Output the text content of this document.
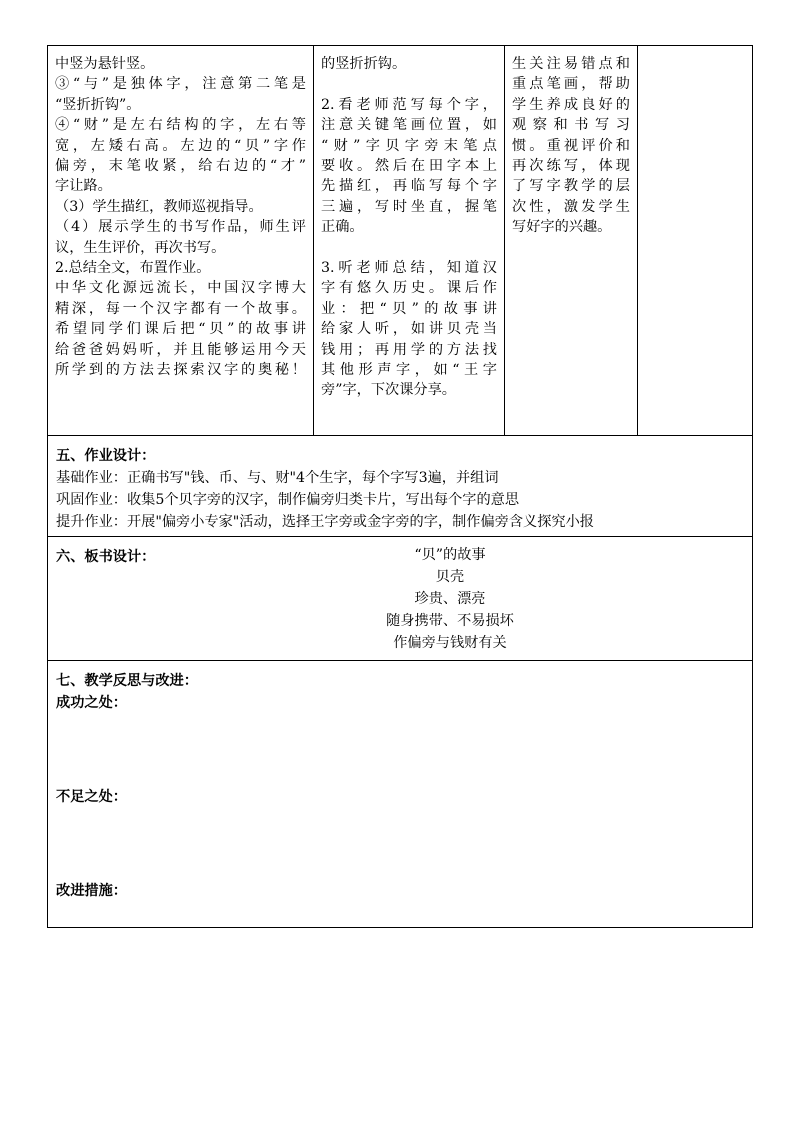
中竖为悬针竖。
③“与”是独体字，注意第二笔是
“竖折折钩”。
④“财”是左右结构的字，左右等
宽，左矮右高。左边的“贝”字作
偏旁，末笔收紧，给右边的“才”
字让路。
（3）学生描红，教师巡视指导。
（4）展示学生的书写作品，师生评
议，生生评价，再次书写。
2.总结全文，布置作业。
中华文化源远流长，中国汉字博大
精深，每一个汉字都有一个故事。
希望同学们课后把“贝”的故事讲
给爸爸妈妈听，并且能够运用今天
所学到的方法去探索汉字的奥秘！
的竖折折钩。
2.看老师范写每个字，
注意关键笔画位置，如
“财”字贝字旁末笔点
要收。然后在田字本上
先描红，再临写每个字
三遍，写时坐直，握笔
正确。
3.听老师总结，知道汉
字有悠久历史。课后作
业：把“贝”的故事讲
给家人听，如讲贝壳当
钱用；再用学的方法找
其他形声字，如“王字
旁”字，下次课分享。
生关注易错点和
重点笔画，帮助
学生养成良好的
观察和书写习
惯。重视评价和
再次练写，体现
了写字教学的层
次性，激发学生
写好字的兴趣。
五、作业设计：
基础作业：正确书写"钱、币、与、财"4个生字，每个字写3遍，并组词
巩固作业：收集5个贝字旁的汉字，制作偏旁归类卡片，写出每个字的意思
提升作业：开展"偏旁小专家"活动，选择王字旁或金字旁的字，制作偏旁含义探究小报
六、板书设计：	“贝”的故事
贝壳
珍贵、漂亮
随身携带、不易损坏
作偏旁与钱财有关
七、教学反思与改进：
成功之处：
不足之处：
改进措施：
